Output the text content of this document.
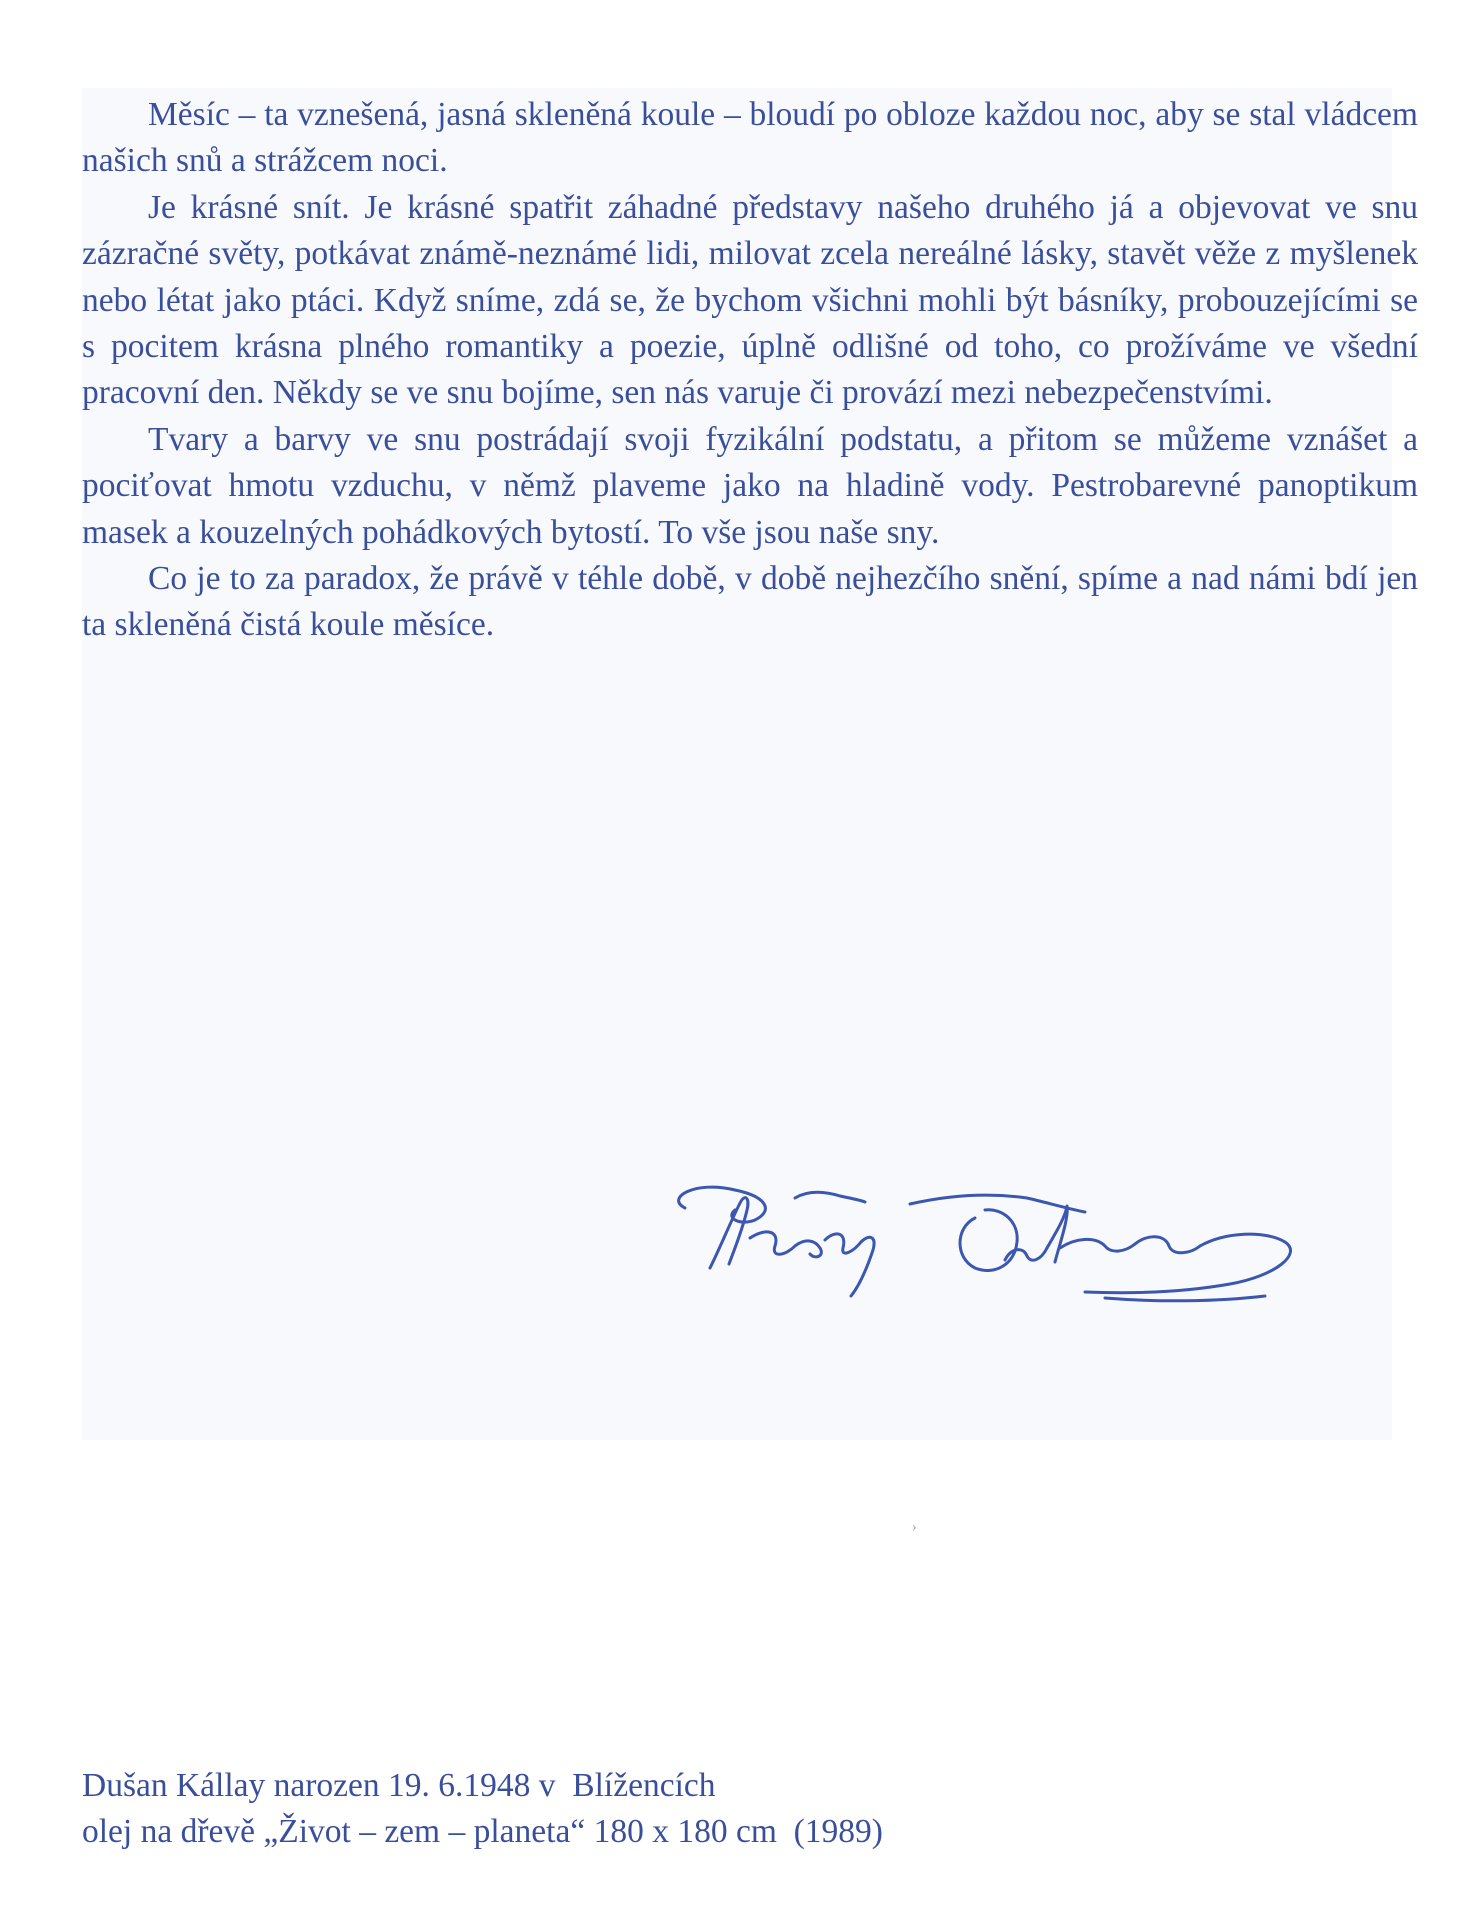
Měsíc – ta vznešená, jasná skleněná koule – bloudí po obloze každou noc, aby se stal vládcem našich snů a strážcem noci.

Je krásné snít. Je krásné spatřit záhadné představy našeho druhého já a objevovat ve snu zázračné světy, potkávat známě-neznámé lidi, milovat zcela nereálné lásky, stavět věže z myšlenek nebo létat jako ptáci. Když sníme, zdá se, že bychom všichni mohli být básníky, probouzejícími se s pocitem krásna plného romantiky a poezie, úplně odlišné od toho, co prožíváme ve všední pracovní den. Někdy se ve snu bojíme, sen nás varuje či provází mezi nebezpečenstvími.

Tvary a barvy ve snu postrádají svoji fyzikální podstatu, a přitom se můžeme vznášet a pociťovat hmotu vzduchu, v němž plaveme jako na hladině vody. Pestrobarevné panoptikum masek a kouzelných pohádkových bytostí. To vše jsou naše sny.

Co je to za paradox, že právě v téhle době, v době nejhezčího snění, spíme a nad námi bdí jen ta skleněná čistá koule měsíce.

›
Dušan Kállay narozen 19. 6.1948 v  Blížencích
olej na dřevě „Život – zem – planeta“ 180 x 180 cm  (1989)
